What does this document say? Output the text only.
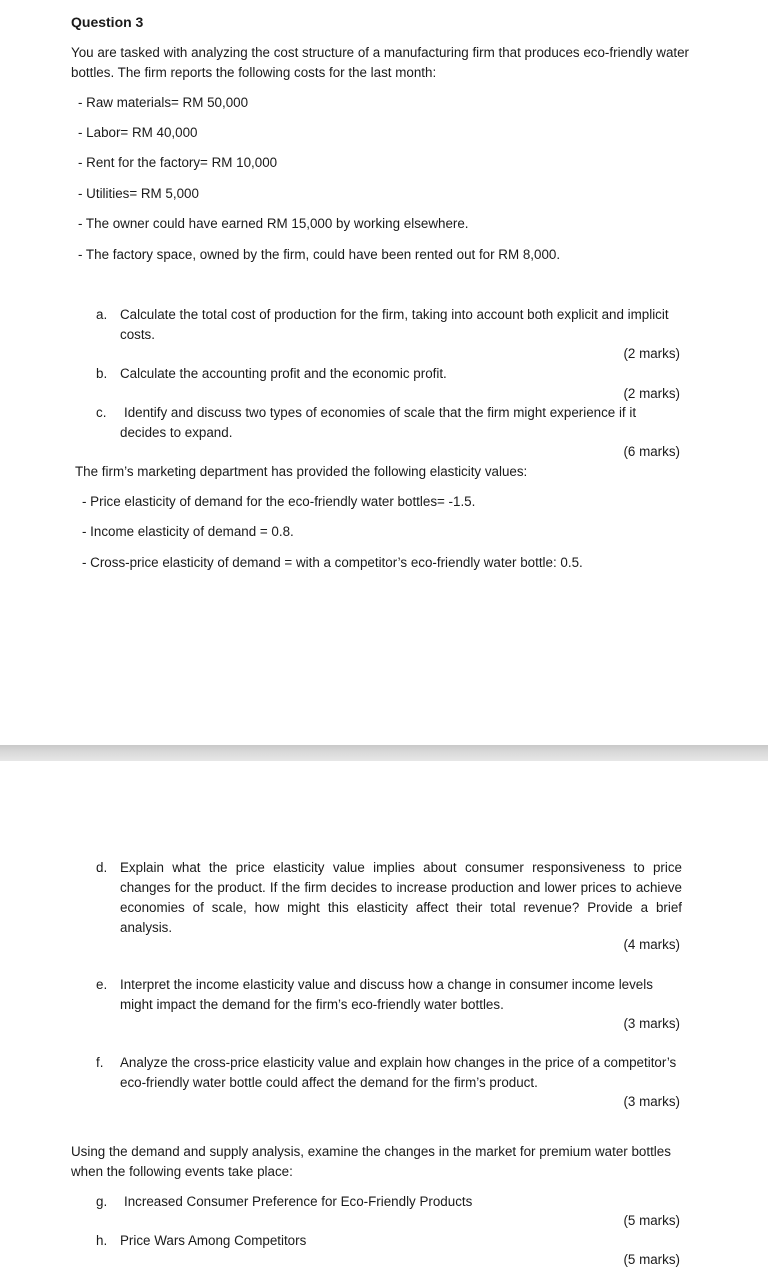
Question 3
You are tasked with analyzing the cost structure of a manufacturing firm that produces eco-friendly water bottles. The firm reports the following costs for the last month:
- Raw materials= RM 50,000
- Labor= RM 40,000
- Rent for the factory= RM 10,000
- Utilities= RM 5,000
- The owner could have earned RM 15,000 by working elsewhere.
- The factory space, owned by the firm, could have been rented out for RM 8,000.
a. Calculate the total cost of production for the firm, taking into account both explicit and implicit costs.
(2 marks)
b. Calculate the accounting profit and the economic profit.
(2 marks)
c. Identify and discuss two types of economies of scale that the firm might experience if it decides to expand.
(6 marks)
The firm’s marketing department has provided the following elasticity values:
- Price elasticity of demand for the eco-friendly water bottles= -1.5.
- Income elasticity of demand = 0.8.
- Cross-price elasticity of demand = with a competitor’s eco-friendly water bottle: 0.5.
d. Explain what the price elasticity value implies about consumer responsiveness to price changes for the product. If the firm decides to increase production and lower prices to achieve economies of scale, how might this elasticity affect their total revenue? Provide a brief analysis.
(4 marks)
e. Interpret the income elasticity value and discuss how a change in consumer income levels might impact the demand for the firm’s eco-friendly water bottles.
(3 marks)
f. Analyze the cross-price elasticity value and explain how changes in the price of a competitor’s eco-friendly water bottle could affect the demand for the firm’s product.
(3 marks)
Using the demand and supply analysis, examine the changes in the market for premium water bottles when the following events take place:
g. Increased Consumer Preference for Eco-Friendly Products
(5 marks)
h. Price Wars Among Competitors
(5 marks)
